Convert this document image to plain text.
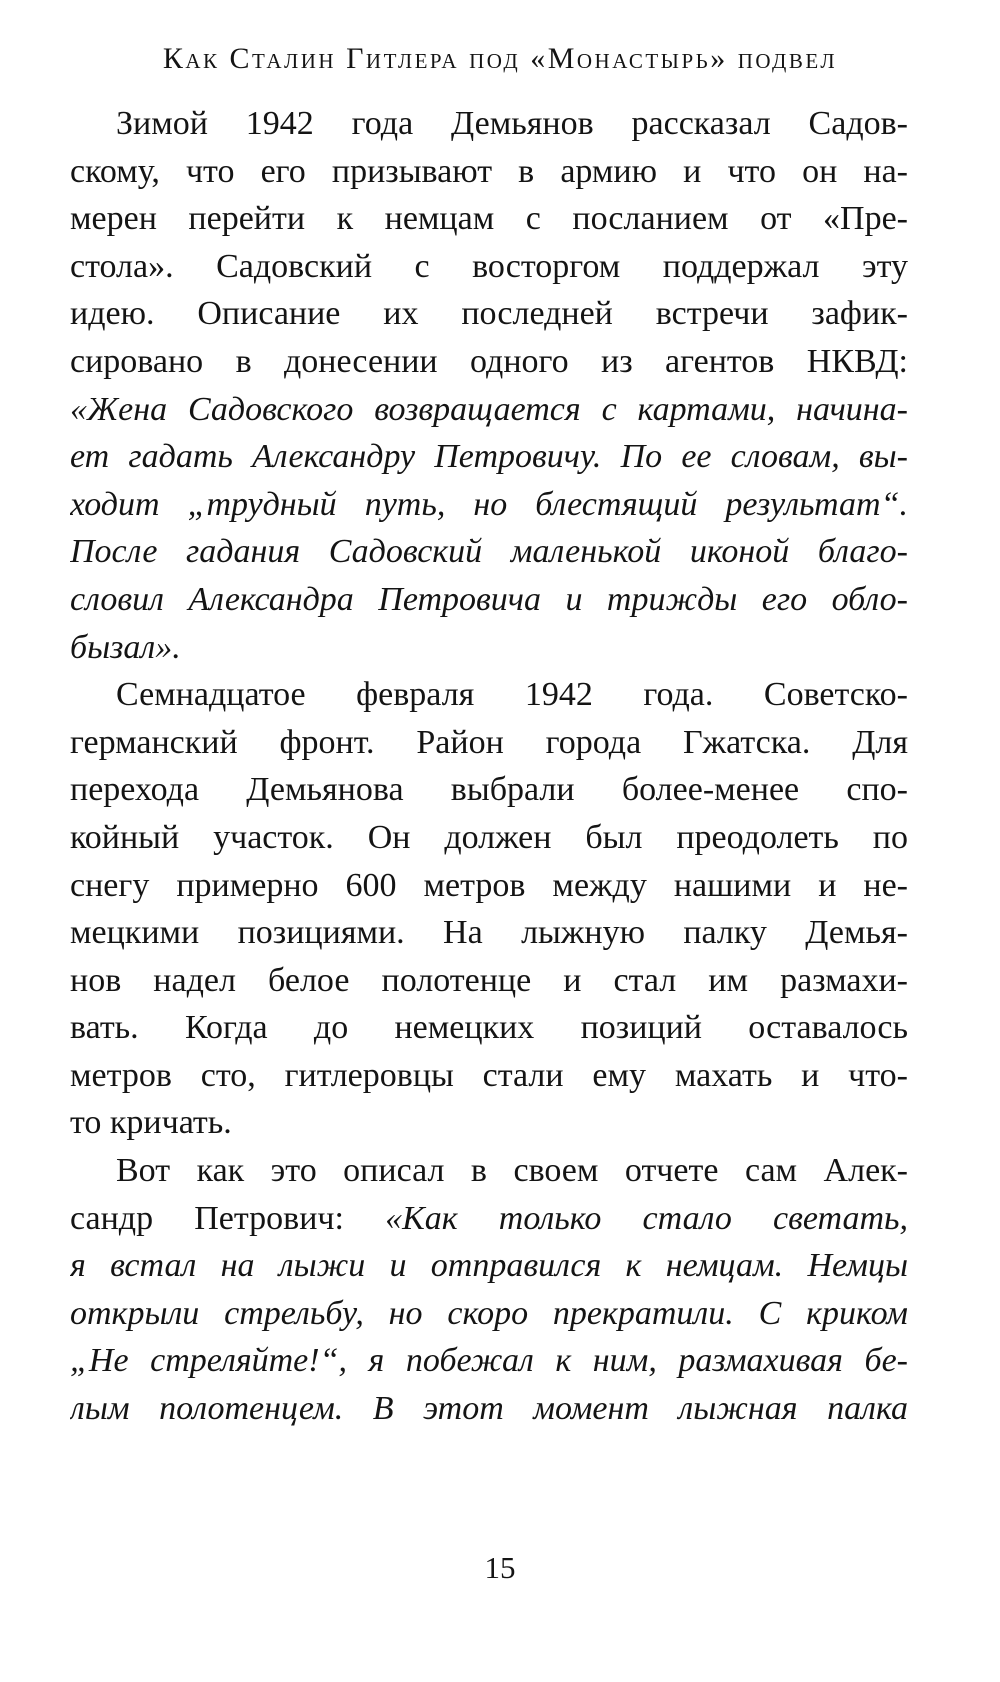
Как Сталин Гитлера под «Монастырь» подвел
Зимой 1942 года Демьянов рассказал Садов-
скому, что его призывают в армию и что он на-
мерен перейти к немцам с посланием от «Пре-
стола». Садовский с восторгом поддержал эту
идею. Описание их последней встречи зафик-
сировано в донесении одного из агентов НКВД:
«Жена Садовского возвращается с картами, начина-
ет гадать Александру Петровичу. По ее словам, вы-
ходит „трудный путь, но блестящий результат“.
После гадания Садовский маленькой иконой благо-
словил Александра Петровича и трижды его обло-
бызал».
Семнадцатое февраля 1942 года. Советско-
германский фронт. Район города Гжатска. Для
перехода Демьянова выбрали более-менее спо-
койный участок. Он должен был преодолеть по
снегу примерно 600 метров между нашими и не-
мецкими позициями. На лыжную палку Демья-
нов надел белое полотенце и стал им размахи-
вать. Когда до немецких позиций оставалось
метров сто, гитлеровцы стали ему махать и что-
то кричать.
Вот как это описал в своем отчете сам Алек-
сандр Петрович: «Как только стало светать,
я встал на лыжи и отправился к немцам. Немцы
открыли стрельбу, но скоро прекратили. С криком
„Не стреляйте!“, я побежал к ним, размахивая бе-
лым полотенцем. В этот момент лыжная палка
15
